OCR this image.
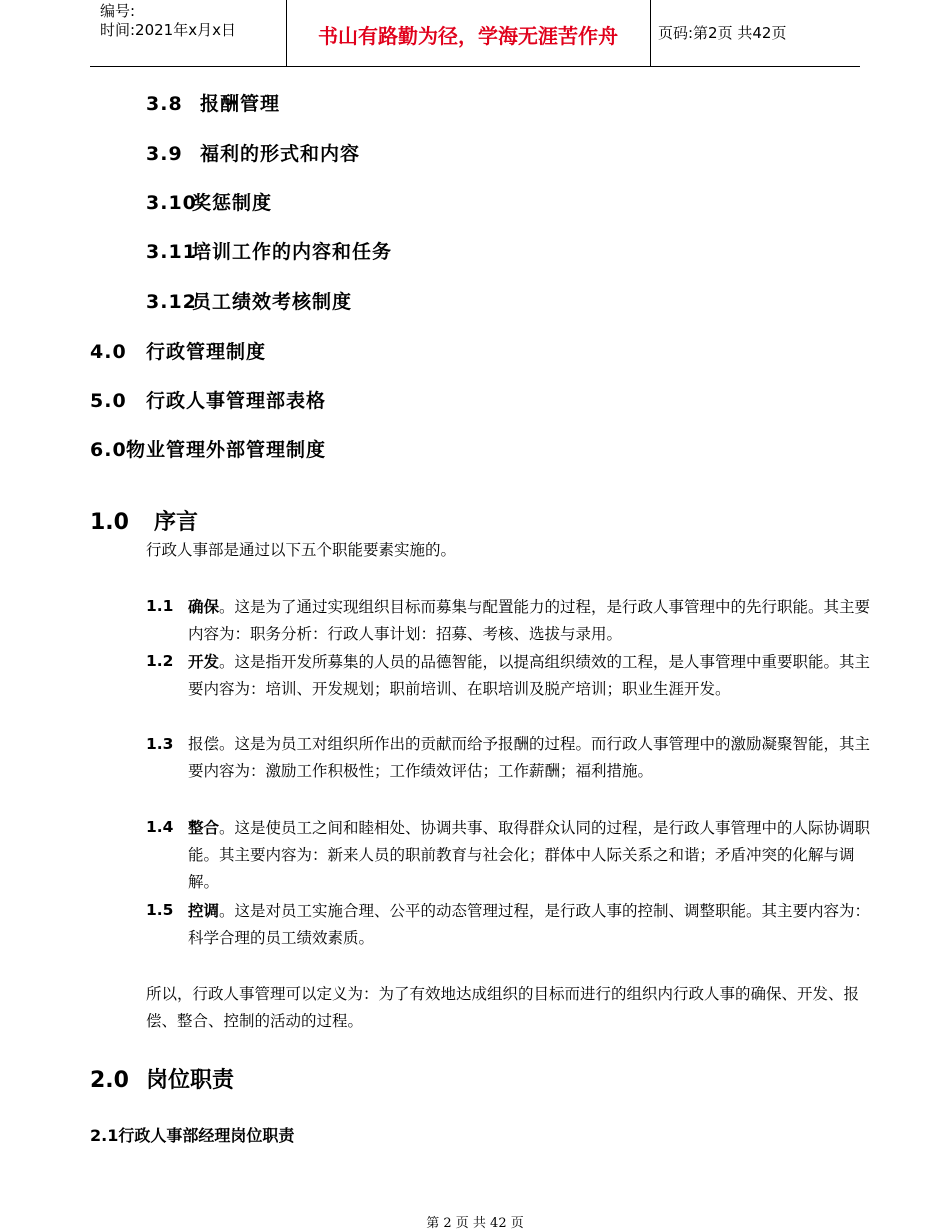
编号:
时间:2021年x月x日	书山有路勤为径，学海无涯苦作舟	页码:第2页 共42页
3.8 报酬管理
3.9 福利的形式和内容
3.10奖惩制度
3.11培训工作的内容和任务
3.12员工绩效考核制度
4.0 行政管理制度
5.0 行政人事管理部表格
6.0物业管理外部管理制度
1.0 序言
行政人事部是通过以下五个职能要素实施的。
1.1 确保。这是为了通过实现组织目标而募集与配置能力的过程，是行政人事管理中的先行职能。其主要内容为：职务分析：行政人事计划：招募、考核、选拔与录用。
1.2 开发。这是指开发所募集的人员的品德智能，以提高组织绩效的工程，是人事管理中重要职能。其主要内容为：培训、开发规划；职前培训、在职培训及脱产培训；职业生涯开发。
1.3 报偿。这是为员工对组织所作出的贡献而给予报酬的过程。而行政人事管理中的激励凝聚智能，其主要内容为：激励工作积极性；工作绩效评估；工作薪酬；福利措施。
1.4 整合。这是使员工之间和睦相处、协调共事、取得群众认同的过程，是行政人事管理中的人际协调职能。其主要内容为：新来人员的职前教育与社会化；群体中人际关系之和谐；矛盾冲突的化解与调解。
1.5 控调。这是对员工实施合理、公平的动态管理过程，是行政人事的控制、调整职能。其主要内容为：科学合理的员工绩效素质。
所以，行政人事管理可以定义为：为了有效地达成组织的目标而进行的组织内行政人事的确保、开发、报偿、整合、控制的活动的过程。
2.0 岗位职责
2.1行政人事部经理岗位职责
第 2 页 共 42 页
